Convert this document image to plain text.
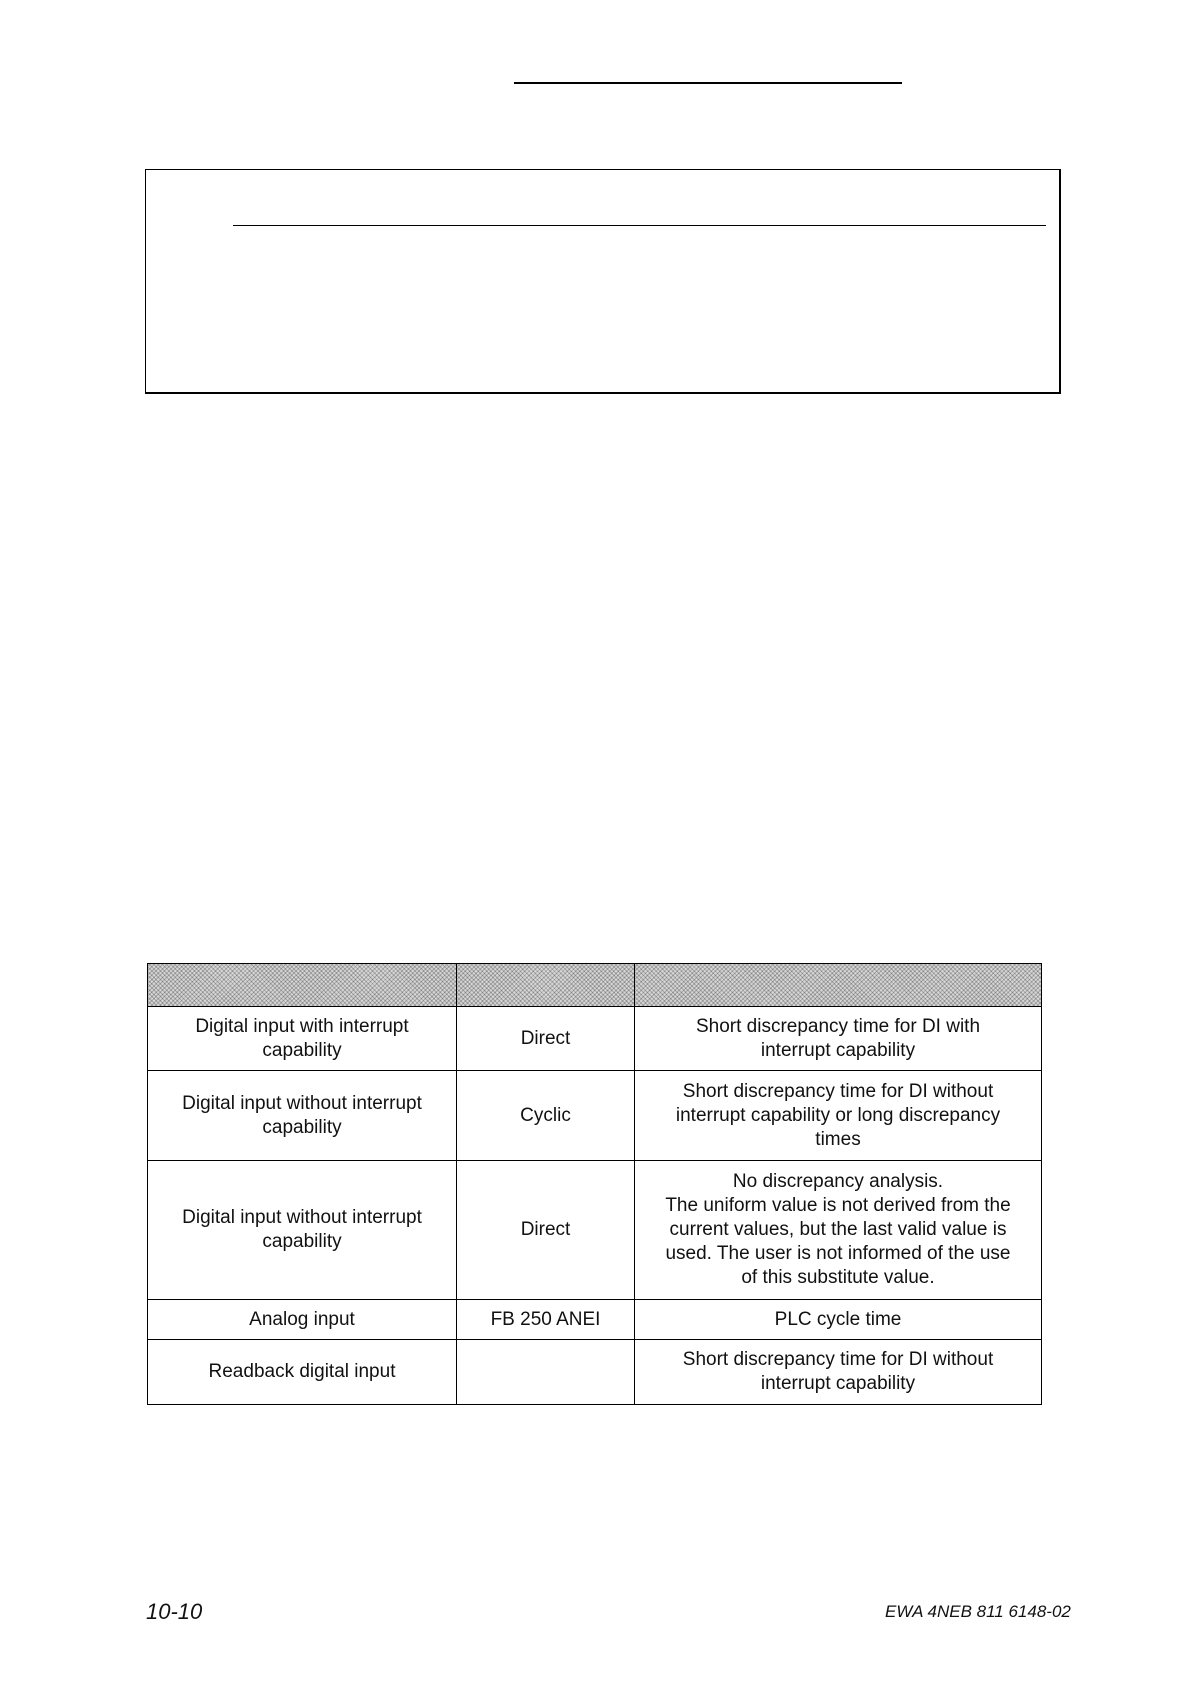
Digital input with interrupt
capability	Direct	Short discrepancy time for DI with
interrupt capability

Digital input without interrupt
capability	Cyclic	Short discrepancy time for DI without
interrupt capability or long discrepancy
times

Digital input without interrupt
capability	Direct	No discrepancy analysis.
The uniform value is not derived from the
current values, but the last valid value is
used. The user is not informed of the use
of this substitute value.

Analog input	FB 250 ANEI	PLC cycle time

Readback digital input		Short discrepancy time for DI without
interrupt capability
10-10	EWA 4NEB 811 6148-02
